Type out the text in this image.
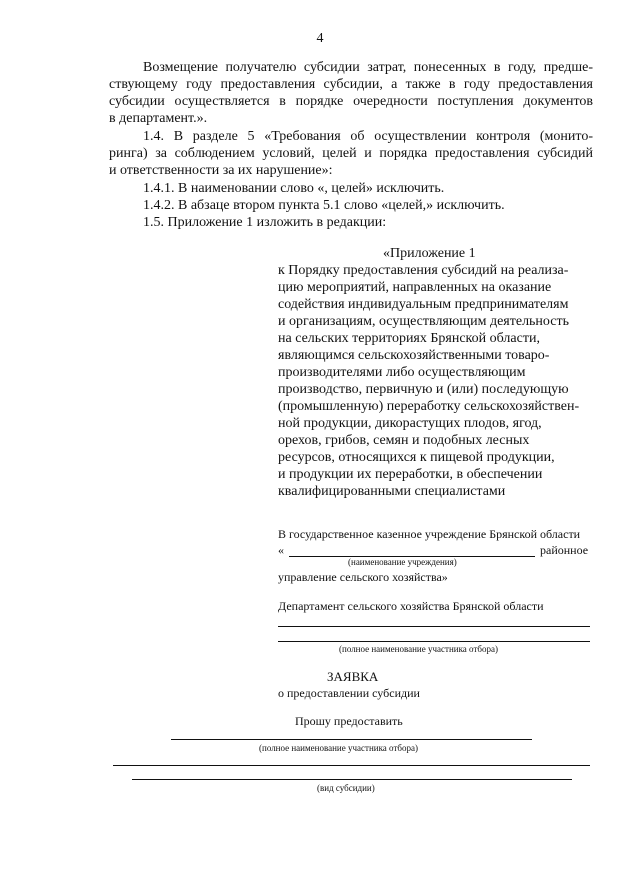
4
Возмещение получателю субсидии затрат, понесенных в году, предше-
ствующему году предоставления субсидии, а также в году предоставления
субсидии осуществляется в порядке очередности поступления документов
в департамент.».
1.4. В разделе 5 «Требования об осуществлении контроля (монито-
ринга) за соблюдением условий, целей и порядка предоставления субсидий
и ответственности за их нарушение»:
1.4.1. В наименовании слово «, целей» исключить.
1.4.2. В абзаце втором пункта 5.1 слово «целей,» исключить.
1.5. Приложение 1 изложить в редакции:
«Приложение 1
к Порядку предоставления субсидий на реализа-
цию мероприятий, направленных на оказание
содействия индивидуальным предпринимателям
и организациям, осуществляющим деятельность
на сельских территориях Брянской области,
являющимся сельскохозяйственными товаро-
производителями либо осуществляющим
производство, первичную и (или) последующую
(промышленную) переработку сельскохозяйствен-
ной продукции, дикорастущих плодов, ягод,
орехов, грибов, семян и подобных лесных
ресурсов, относящихся к пищевой продукции,
и продукции их переработки, в обеспечении
квалифицированными специалистами
В государственное казенное учреждение Брянской области
«	районное
(наименование учреждения)
управление сельского хозяйства»
Департамент сельского хозяйства Брянской области
(полное наименование участника отбора)
ЗАЯВКА
о предоставлении субсидии
Прошу предоставить
(полное наименование участника отбора)
(вид субсидии)
